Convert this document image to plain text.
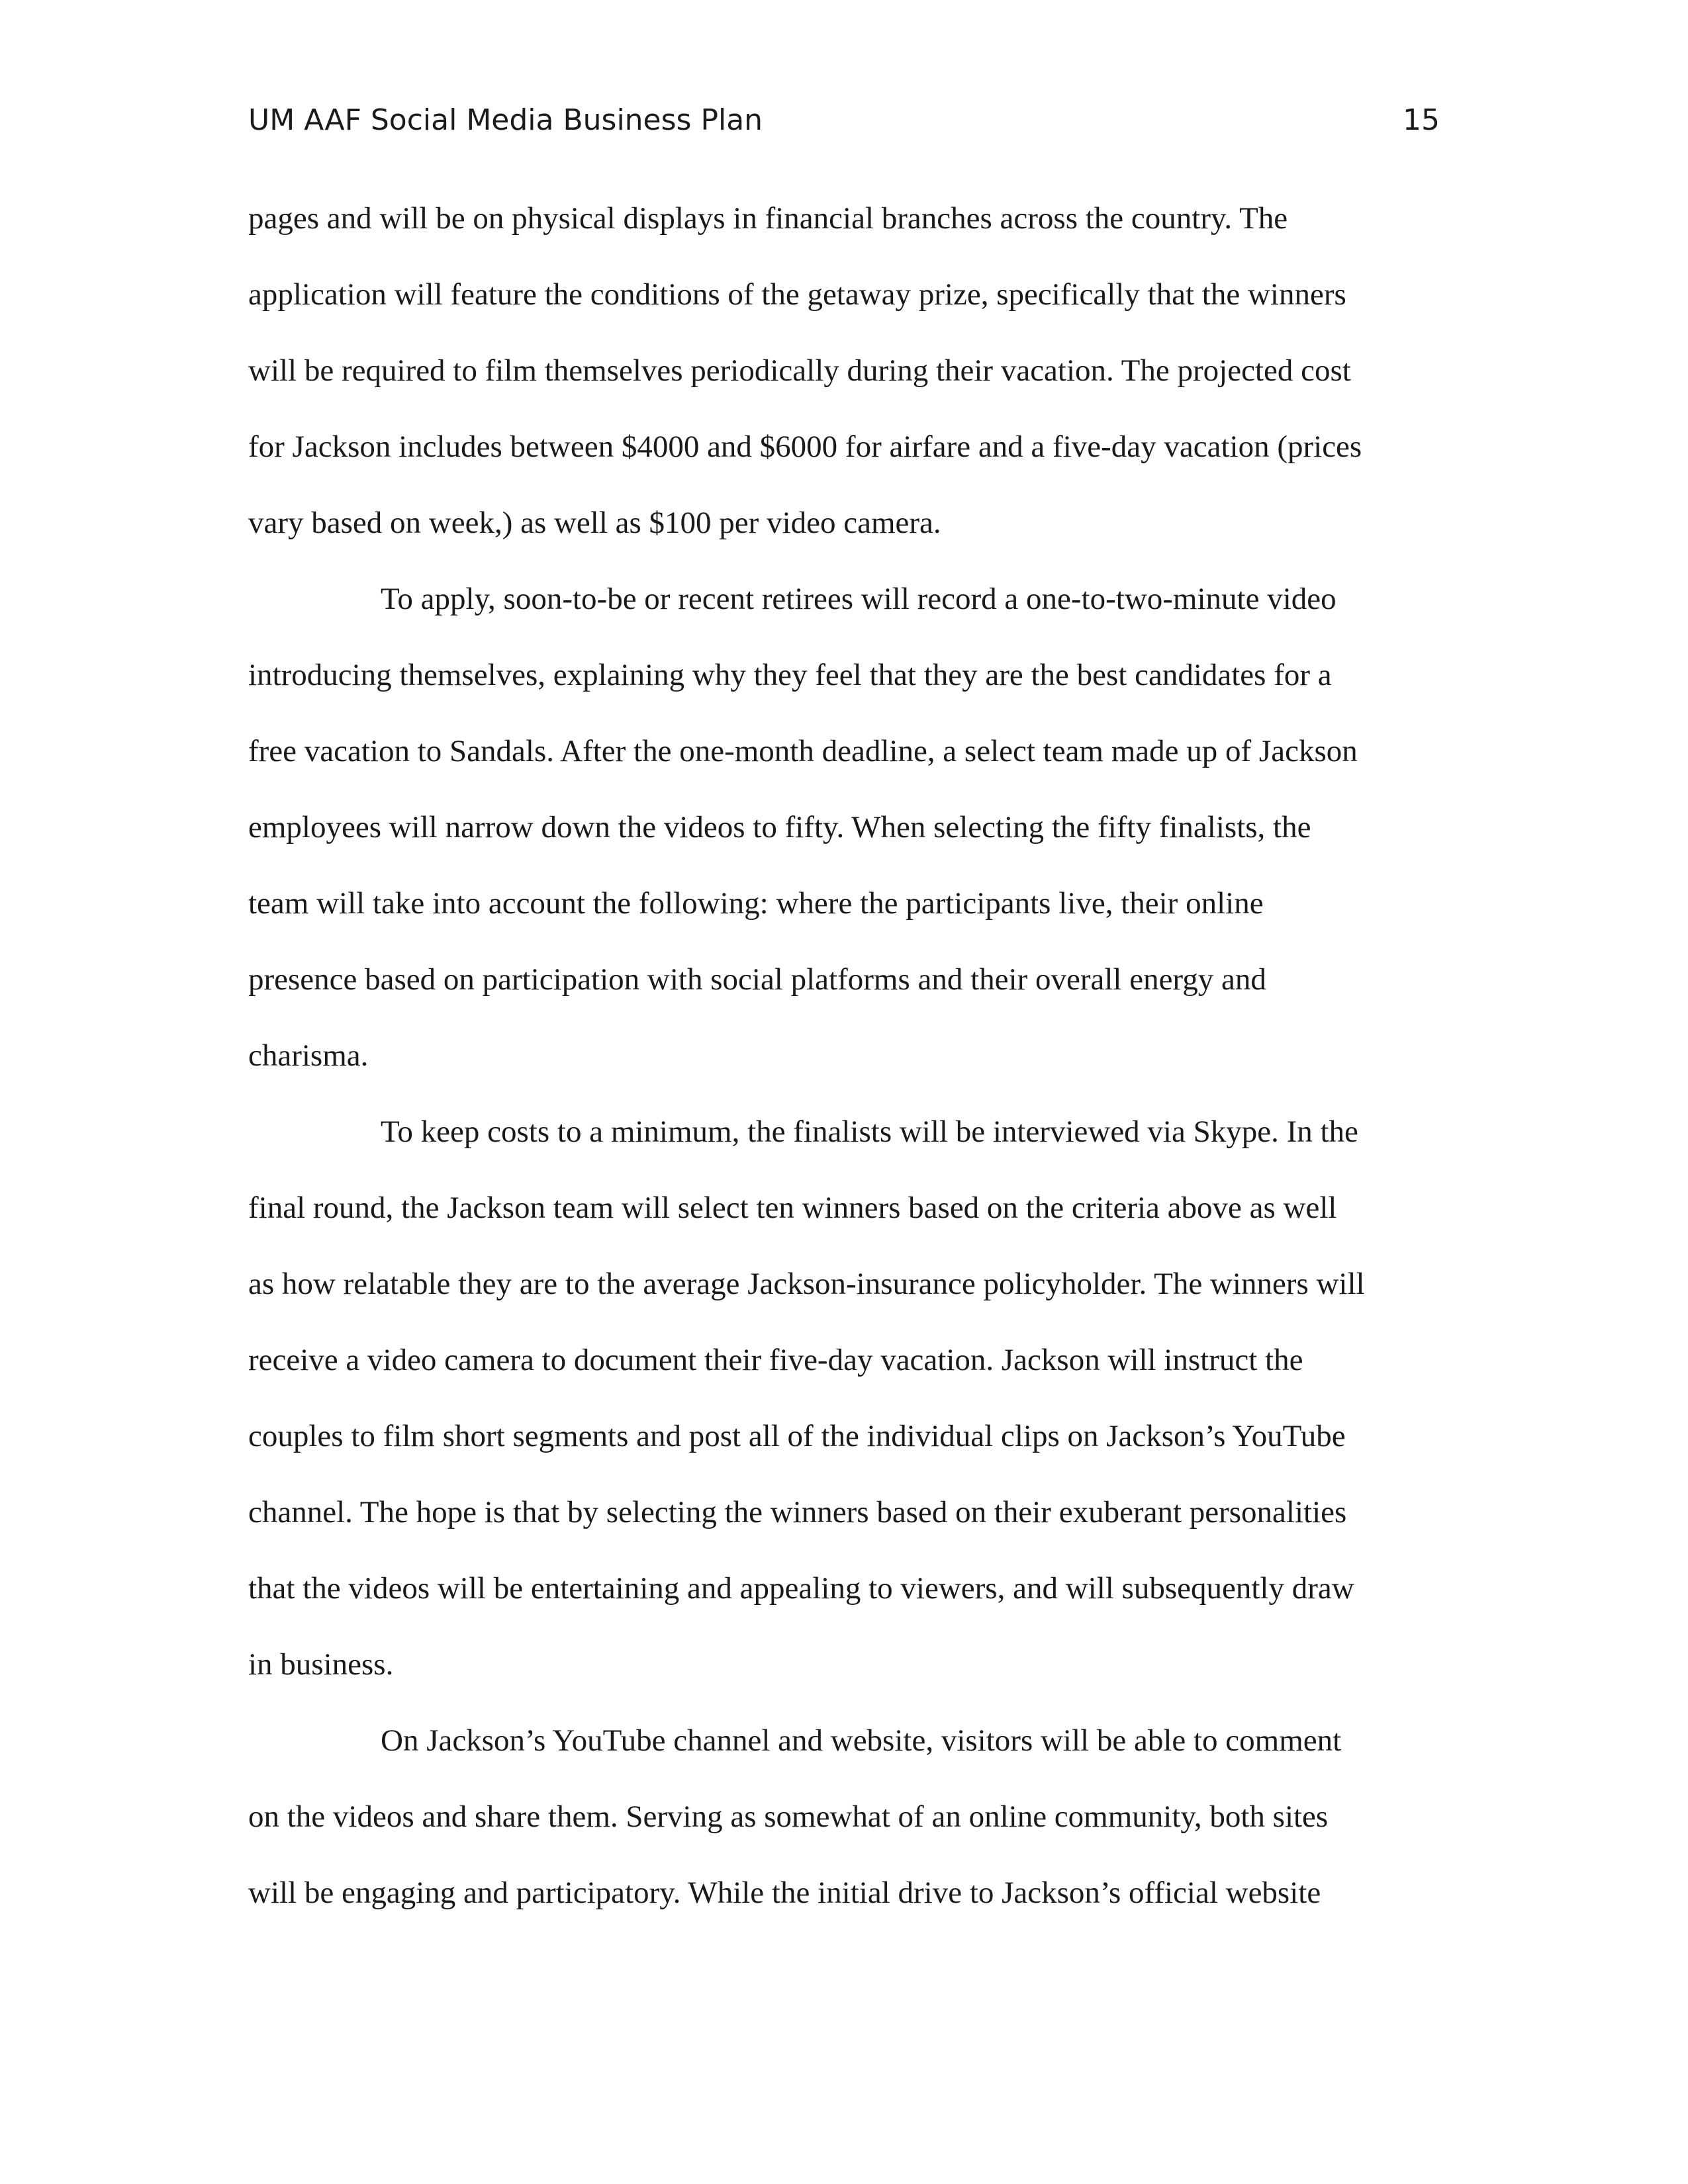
UM AAF Social Media Business Plan	15
pages and will be on physical displays in financial branches across the country. The
application will feature the conditions of the getaway prize, specifically that the winners
will be required to film themselves periodically during their vacation. The projected cost
for Jackson includes between $4000 and $6000 for airfare and a five-day vacation (prices
vary based on week,) as well as $100 per video camera.
To apply, soon-to-be or recent retirees will record a one-to-two-minute video
introducing themselves, explaining why they feel that they are the best candidates for a
free vacation to Sandals. After the one-month deadline, a select team made up of Jackson
employees will narrow down the videos to fifty. When selecting the fifty finalists, the
team will take into account the following: where the participants live, their online
presence based on participation with social platforms and their overall energy and
charisma.
To keep costs to a minimum, the finalists will be interviewed via Skype. In the
final round, the Jackson team will select ten winners based on the criteria above as well
as how relatable they are to the average Jackson-insurance policyholder. The winners will
receive a video camera to document their five-day vacation. Jackson will instruct the
couples to film short segments and post all of the individual clips on Jackson’s YouTube
channel. The hope is that by selecting the winners based on their exuberant personalities
that the videos will be entertaining and appealing to viewers, and will subsequently draw
in business.
On Jackson’s YouTube channel and website, visitors will be able to comment
on the videos and share them. Serving as somewhat of an online community, both sites
will be engaging and participatory. While the initial drive to Jackson’s official website
